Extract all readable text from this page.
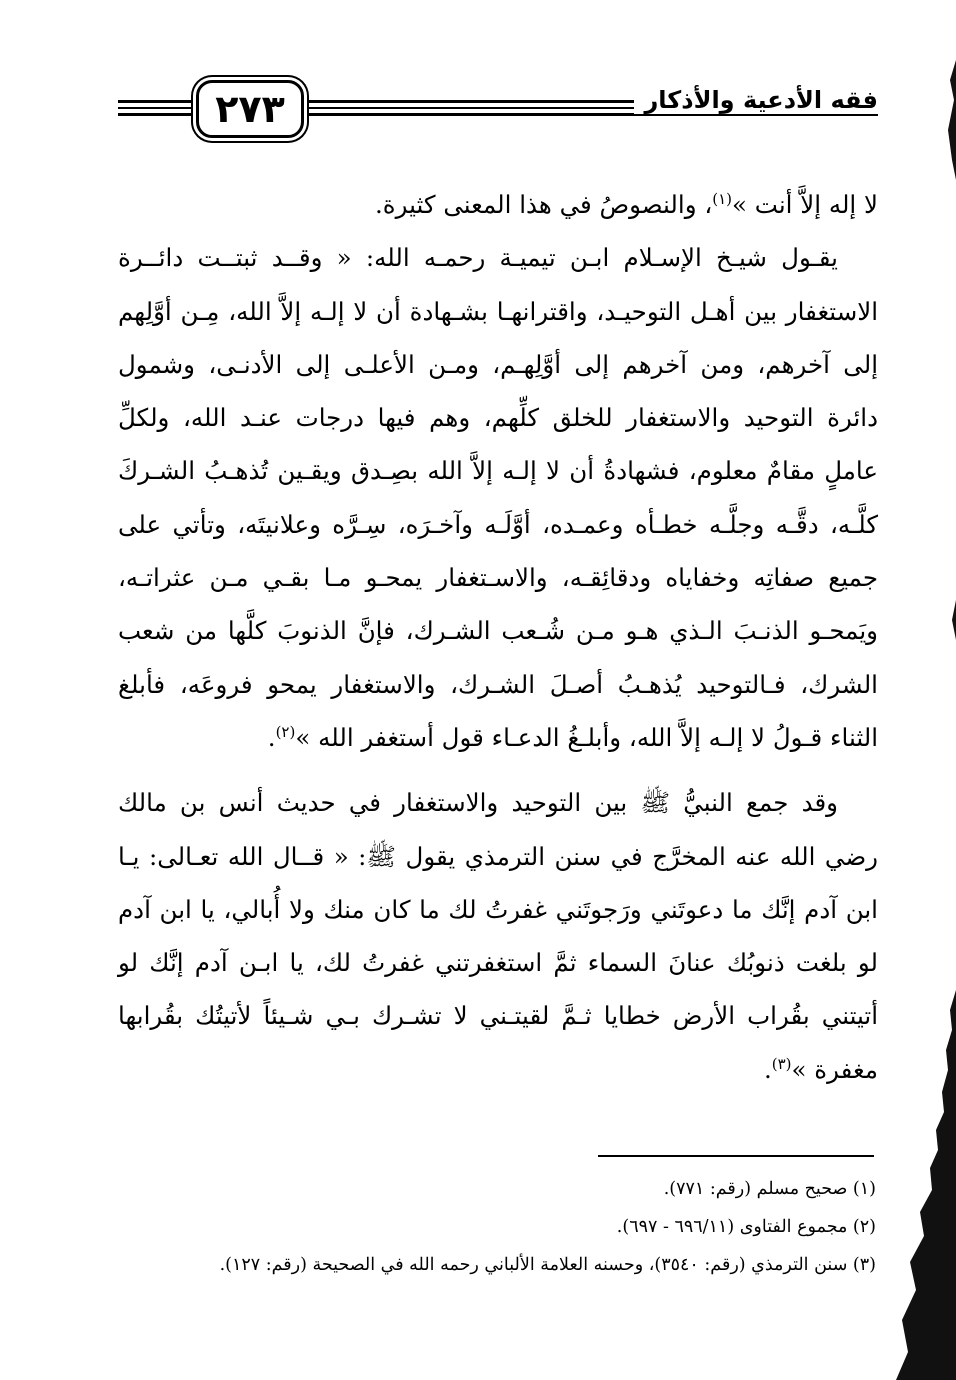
٢٧٣	فقه الأدعية والأذكار

لا إله إلاَّ أنت »$^{(١)}$، والنصوصُ في هذا المعنى كثيرة.

يقـول شيـخ الإسـلام ابـن تيميـة رحمـه الله: « وقــد ثبتــت دائــرة الاستغفار بين أهـل التوحيـد، واقترانهـا بشـهادة أن لا إلـه إلاَّ الله، مِـن أوَّلِهم إلى آخرهم، ومن آخرهم إلى أوَّلِهـم، ومـن الأعلـى إلى الأدنـى، وشمول دائرة التوحيد والاستغفار للخلق كلِّهم، وهم فيها درجات عنـد الله، ولكلِّ عاملٍ مقامٌ معلوم، فشهادةُ أن لا إلـه إلاَّ الله بصِـدق ويقـين تُذهـبُ الشـركَ كلَّـه، دقَّـه وجلَّـه خطـأه وعمـده، أوَّلَـه وآخـرَه، سِـرَّه وعلانيتَه، وتأتي على جميع صفاتِه وخفاياه ودقائِقـه، والاسـتغفار يمحـو مـا بقـي مـن عثراتـه، ويَمحـو الذنـبَ الـذي هـو مـن شُـعب الشـرك، فإنَّ الذنوبَ كلَّها من شعب الشرك، فـالتوحيد يُذهـبُ أصـلَ الشـرك، والاستغفار يمحو فروعَه، فأبلغ الثناء قـولُ لا إلـه إلاَّ الله، وأبلـغُ الدعـاء قول أستغفر الله »$^{(٢)}$.

وقد جمع النبيُّ ﷺ بين التوحيد والاستغفار في حديث أنس بن مالك رضي الله عنه المخرَّج في سنن الترمذي يقول ﷺ: « قــال الله تعـالى: يـا ابن آدم إنَّك ما دعوتَني ورَجوتَني غفرتُ لك ما كان منك ولا أُبالي، يا ابن آدم لو بلغت ذنوبُك عنانَ السماء ثمَّ استغفرتني غفرتُ لك، يا ابـن آدم إنَّك لو أتيتني بقُراب الأرض خطايا ثـمَّ لقيتـني لا تشـرك بـي شـيئاً لأتيتُك بقُرابها مغفرة »$^{(٣)}$.

(١) صحيح مسلم (رقم: ٧٧١).

(٢) مجموع الفتاوى (٦٩٦/١١ - ٦٩٧).

(٣) سنن الترمذي (رقم: ٣٥٤٠)، وحسنه العلامة الألباني رحمه الله في الصحيحة (رقم: ١٢٧).
